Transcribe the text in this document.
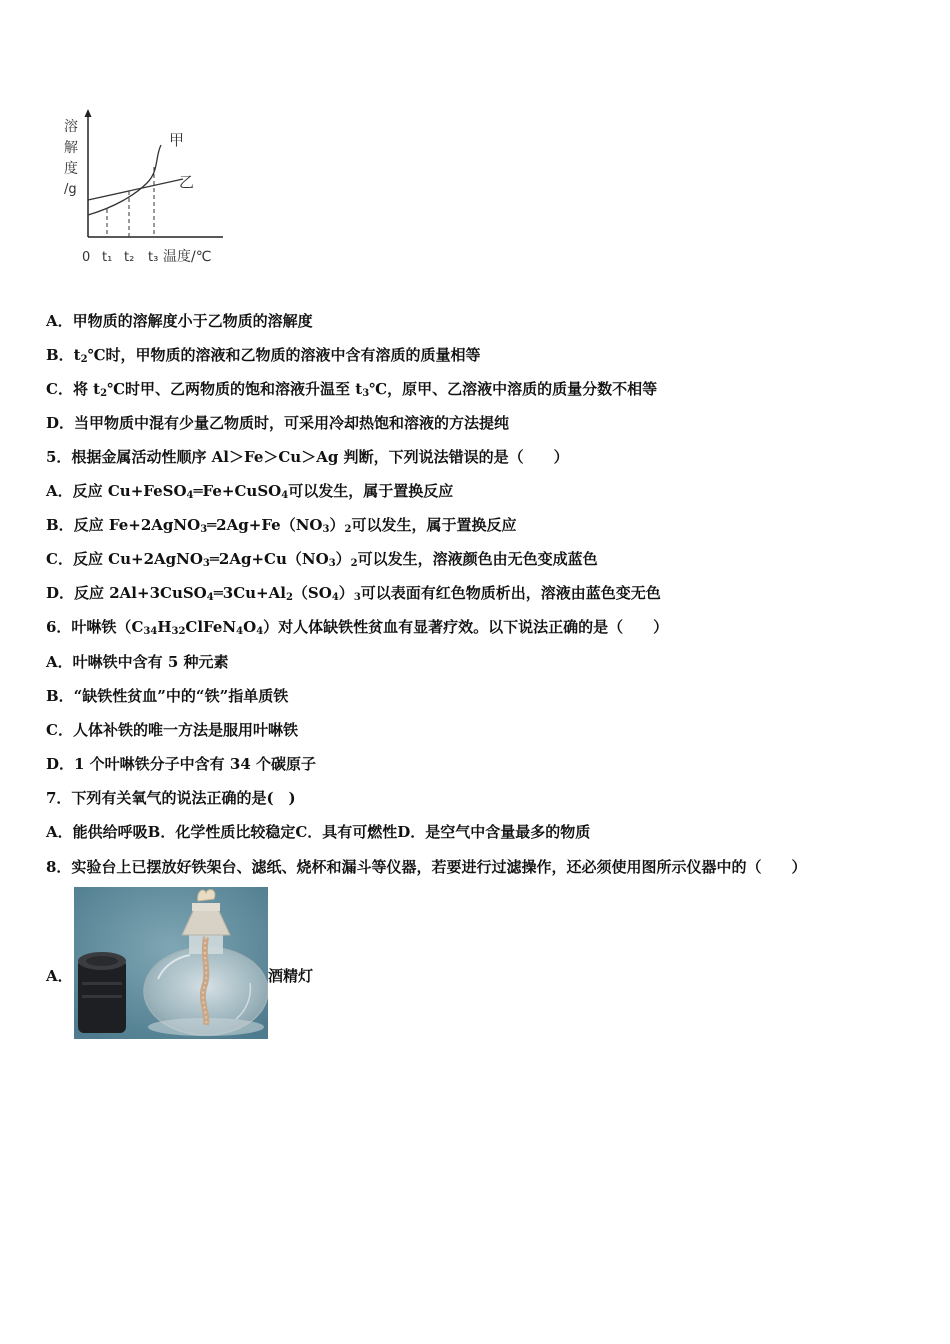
溶
解
度
/g
甲
乙
0 t₁ t₂ t₃ 温度/℃
A．甲物质的溶解度小于乙物质的溶解度
B．$t_2℃$时，甲物质的溶液和乙物质的溶液中含有溶质的质量相等
C．将 $t_2℃$时甲、乙两物质的饱和溶液升温至 $t_3℃$，原甲、乙溶液中溶质的质量分数不相等
D．当甲物质中混有少量乙物质时，可采用冷却热饱和溶液的方法提纯
5．根据金属活动性顺序 Al＞Fe＞Cu＞Ag 判断，下列说法错误的是（　　）
A．反应 Cu+FeSO$_4$═Fe+CuSO$_4$可以发生，属于置换反应
B．反应 $Fe+2AgNO_3═2Ag+Fe(NO_3)_2$可以发生，属于置换反应
C．反应 $Cu+2AgNO_3═2Ag+Cu(NO_3)_2$可以发生，溶液颜色由无色变成蓝色
D．反应 $2Al+3CuSO_4═3Cu+Al_2(SO_4)_3$可以表面有红色物质析出，溶液由蓝色变无色
6．叶啉铁$(C_{34}H_{32}ClFeN_4O_4)$对人体缺铁性贫血有显著疗效。以下说法正确的是（　　）
A．叶啉铁中含有 5 种元素
B．“缺铁性贫血”中的“铁”指单质铁
C．人体补铁的唯一方法是服用叶啉铁
D．1 个叶啉铁分子中含有 34 个碳原子
7．下列有关氧气的说法正确的是(　)
A．能供给呼吸B．化学性质比较稳定C．具有可燃性D．是空气中含量最多的物质
8．实验台上已摆放好铁架台、滤纸、烧杯和漏斗等仪器，若要进行过滤操作，还必须使用图所示仪器中的（　　）
A．	酒精灯
